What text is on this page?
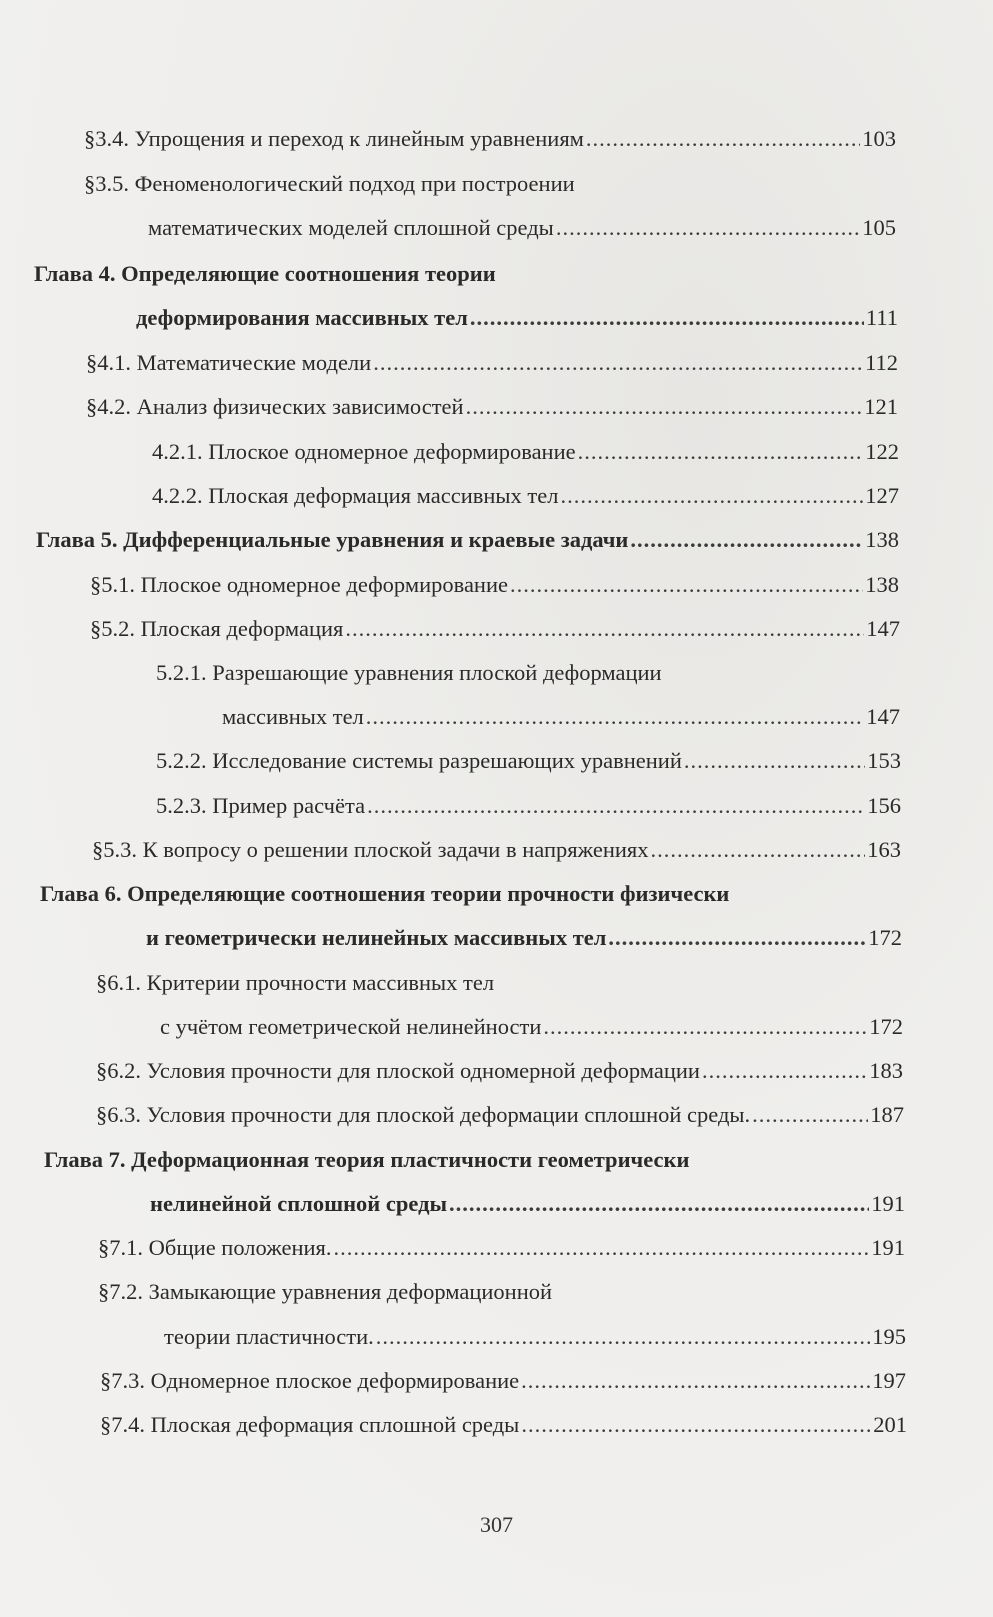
§3.4. Упрощения и переход к линейным уравнениям .....	103
§3.5. Феноменологический подход при построении
математических моделей сплошной среды .....	105
Глава 4. Определяющие соотношения теории
деформирования массивных тел .....	111
§4.1. Математические модели .....	112
§4.2. Анализ физических зависимостей .....	121
4.2.1. Плоское одномерное деформирование .....	122
4.2.2. Плоская деформация массивных тел .....	127
Глава 5. Дифференциальные уравнения и краевые задачи .....	138
§5.1. Плоское одномерное деформирование .....	138
§5.2. Плоская деформация .....	147
5.2.1. Разрешающие уравнения плоской деформации
массивных тел .....	147
5.2.2. Исследование системы разрешающих уравнений .....	153
5.2.3. Пример расчёта .....	156
§5.3. К вопросу о решении плоской задачи в напряжениях .....	163
Глава 6. Определяющие соотношения теории прочности физически
и геометрически нелинейных массивных тел .....	172
§6.1. Критерии прочности массивных тел
с учётом геометрической нелинейности .....	172
§6.2. Условия прочности для плоской одномерной деформации .....	183
§6.3. Условия прочности для плоской деформации сплошной среды. .....	187
Глава 7. Деформационная теория пластичности геометрически
нелинейной сплошной среды .....	191
§7.1. Общие положения. .....	191
§7.2. Замыкающие уравнения деформационной
теории пластичности. .....	195
§7.3. Одномерное плоское деформирование .....	197
§7.4. Плоская деформация сплошной среды .....	201
307
